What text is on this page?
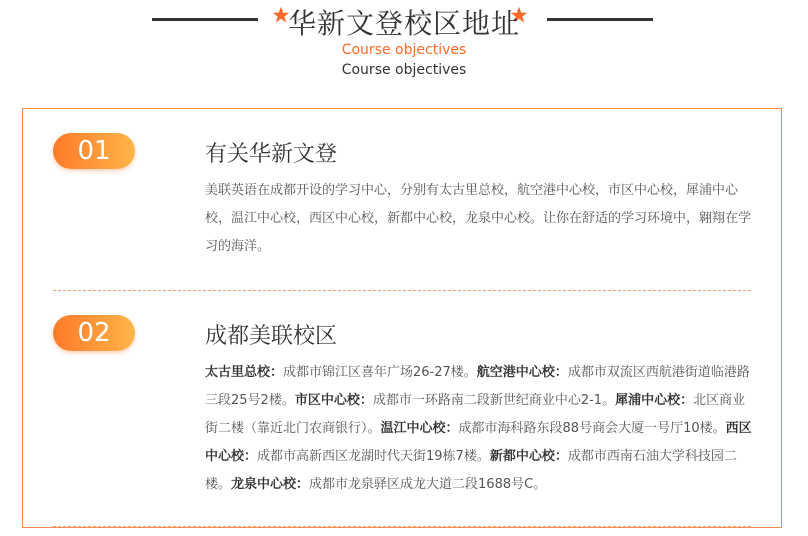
华新文登校区地址
Course objectives
Course objectives
01	有关华新文登
美联英语在成都开设的学习中心，分别有太古里总校，航空港中心校，市区中心校，犀浦中心校，温江中心校，西区中心校，新都中心校，龙泉中心校。让你在舒适的学习环境中，翱翔在学习的海洋。
02	成都美联校区
太古里总校：成都市锦江区喜年广场26-27楼。航空港中心校：成都市双流区西航港街道临港路三段25号2楼。市区中心校：成都市一环路南二段新世纪商业中心2-1。犀浦中心校：北区商业街二楼（靠近北门农商银行）。温江中心校：成都市海科路东段88号商会大厦一号厅10楼。西区中心校：成都市高新西区龙湖时代天街19栋7楼。新都中心校：成都市西南石油大学科技园二楼。龙泉中心校：成都市龙泉驿区成龙大道二段1688号C。
